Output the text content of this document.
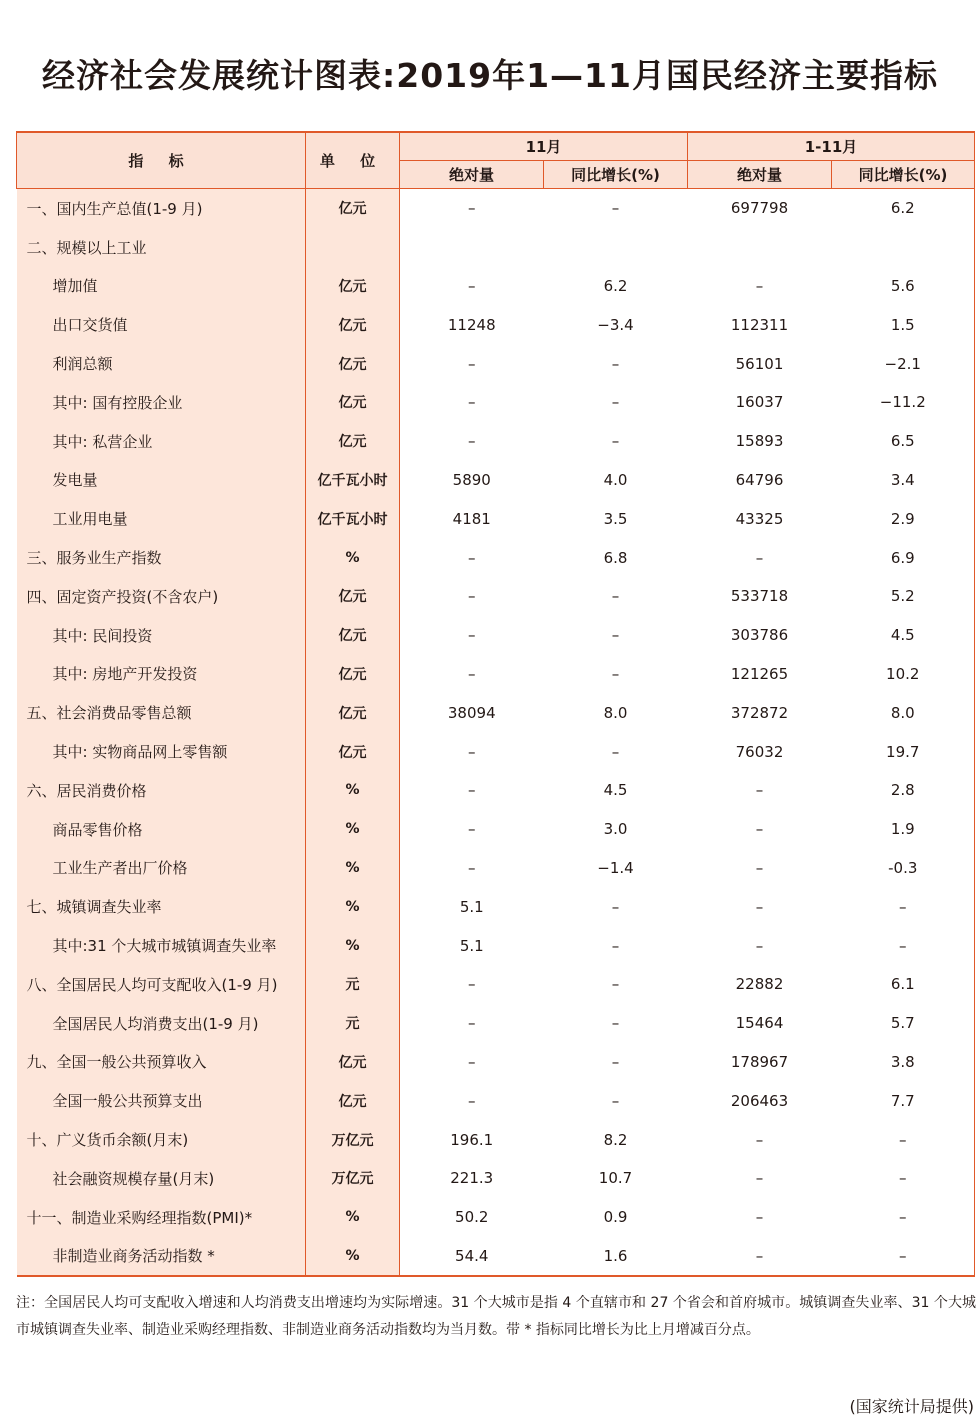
经济社会发展统计图表:2019年1—11月国民经济主要指标
指 标	单 位	11月		1-11月	
		绝对量	同比增长(%)	绝对量	同比增长(%)
一、国内生产总值(1-9 月)	亿元	–	–	697798	6.2
二、规模以上工业					
增加值	亿元	–	6.2	–	5.6
出口交货值	亿元	11248	−3.4	112311	1.5
利润总额	亿元	–	–	56101	−2.1
其中: 国有控股企业	亿元	–	–	16037	−11.2
其中: 私营企业	亿元	–	–	15893	6.5
发电量	亿千瓦小时	5890	4.0	64796	3.4
工业用电量	亿千瓦小时	4181	3.5	43325	2.9
三、服务业生产指数	%	–	6.8	–	6.9
四、固定资产投资(不含农户)	亿元	–	–	533718	5.2
其中: 民间投资	亿元	–	–	303786	4.5
其中: 房地产开发投资	亿元	–	–	121265	10.2
五、社会消费品零售总额	亿元	38094	8.0	372872	8.0
其中: 实物商品网上零售额	亿元	–	–	76032	19.7
六、居民消费价格	%	–	4.5	–	2.8
商品零售价格	%	–	3.0	–	1.9
工业生产者出厂价格	%	–	−1.4	–	-0.3
七、城镇调查失业率	%	5.1	–	–	–
其中:31 个大城市城镇调查失业率	%	5.1	–	–	–
八、全国居民人均可支配收入(1-9 月)	元	–	–	22882	6.1
全国居民人均消费支出(1-9 月)	元	–	–	15464	5.7
九、全国一般公共预算收入	亿元	–	–	178967	3.8
全国一般公共预算支出	亿元	–	–	206463	7.7
十、广义货币余额(月末)	万亿元	196.1	8.2	–	–
社会融资规模存量(月末)	万亿元	221.3	10.7	–	–
十一、制造业采购经理指数(PMI)*	%	50.2	0.9	–	–
非制造业商务活动指数 *	%	54.4	1.6	–	–
注：全国居民人均可支配收入增速和人均消费支出增速均为实际增速。31 个大城市是指 4 个直辖市和 27 个省会和首府城市。城镇调查失业率、31 个大城市城镇调查失业率、制造业采购经理指数、非制造业商务活动指数均为当月数。带 * 指标同比增长为比上月增减百分点。
(国家统计局提供)
